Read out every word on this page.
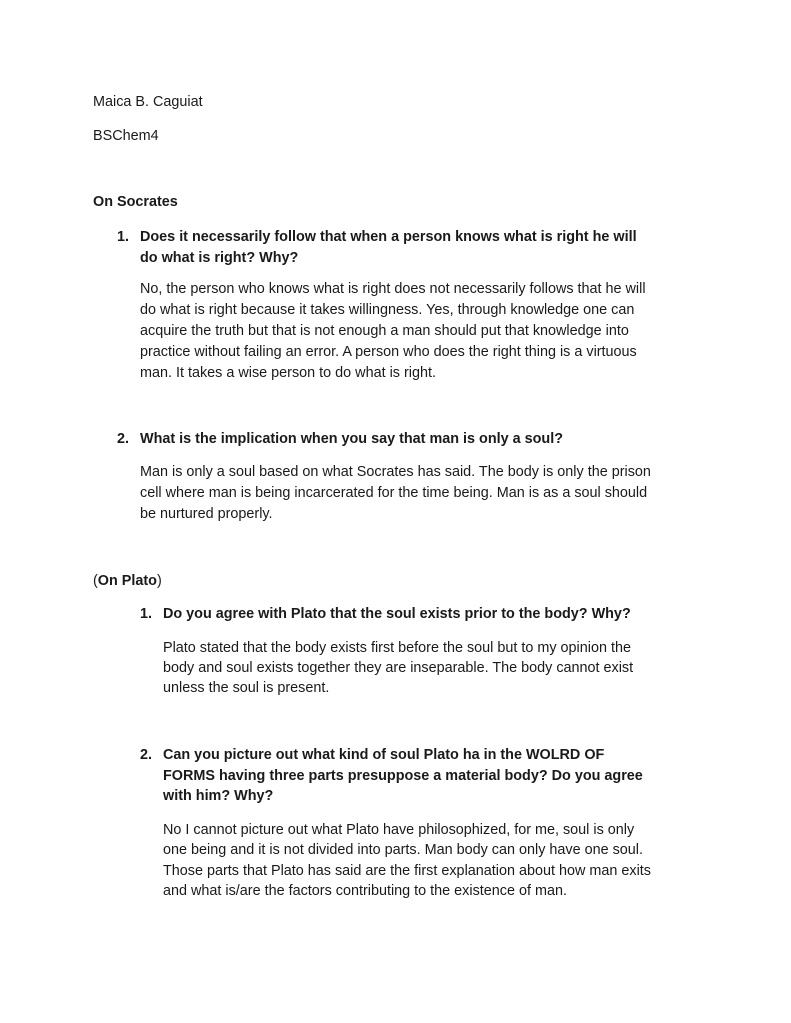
Maica B. Caguiat
BSChem4
On Socrates
1. Does it necessarily follow that when a person knows what is right he will
do what is right? Why?
No, the person who knows what is right does not necessarily follows that he will
do what is right because it takes willingness. Yes, through knowledge one can
acquire the truth but that is not enough a man should put that knowledge into
practice without failing an error. A person who does the right thing is a virtuous
man. It takes a wise person to do what is right.
2. What is the implication when you say that man is only a soul?
Man is only a soul based on what Socrates has said. The body is only the prison
cell where man is being incarcerated for the time being. Man is as a soul should
be nurtured properly.
(On Plato)
1. Do you agree with Plato that the soul exists prior to the body? Why?
Plato stated that the body exists first before the soul but to my opinion the
body and soul exists together they are inseparable. The body cannot exist
unless the soul is present.
2. Can you picture out what kind of soul Plato ha in the WOLRD OF
FORMS having three parts presuppose a material body? Do you agree
with him? Why?
No I cannot picture out what Plato have philosophized, for me, soul is only
one being and it is not divided into parts. Man body can only have one soul.
Those parts that Plato has said are the first explanation about how man exits
and what is/are the factors contributing to the existence of man.
